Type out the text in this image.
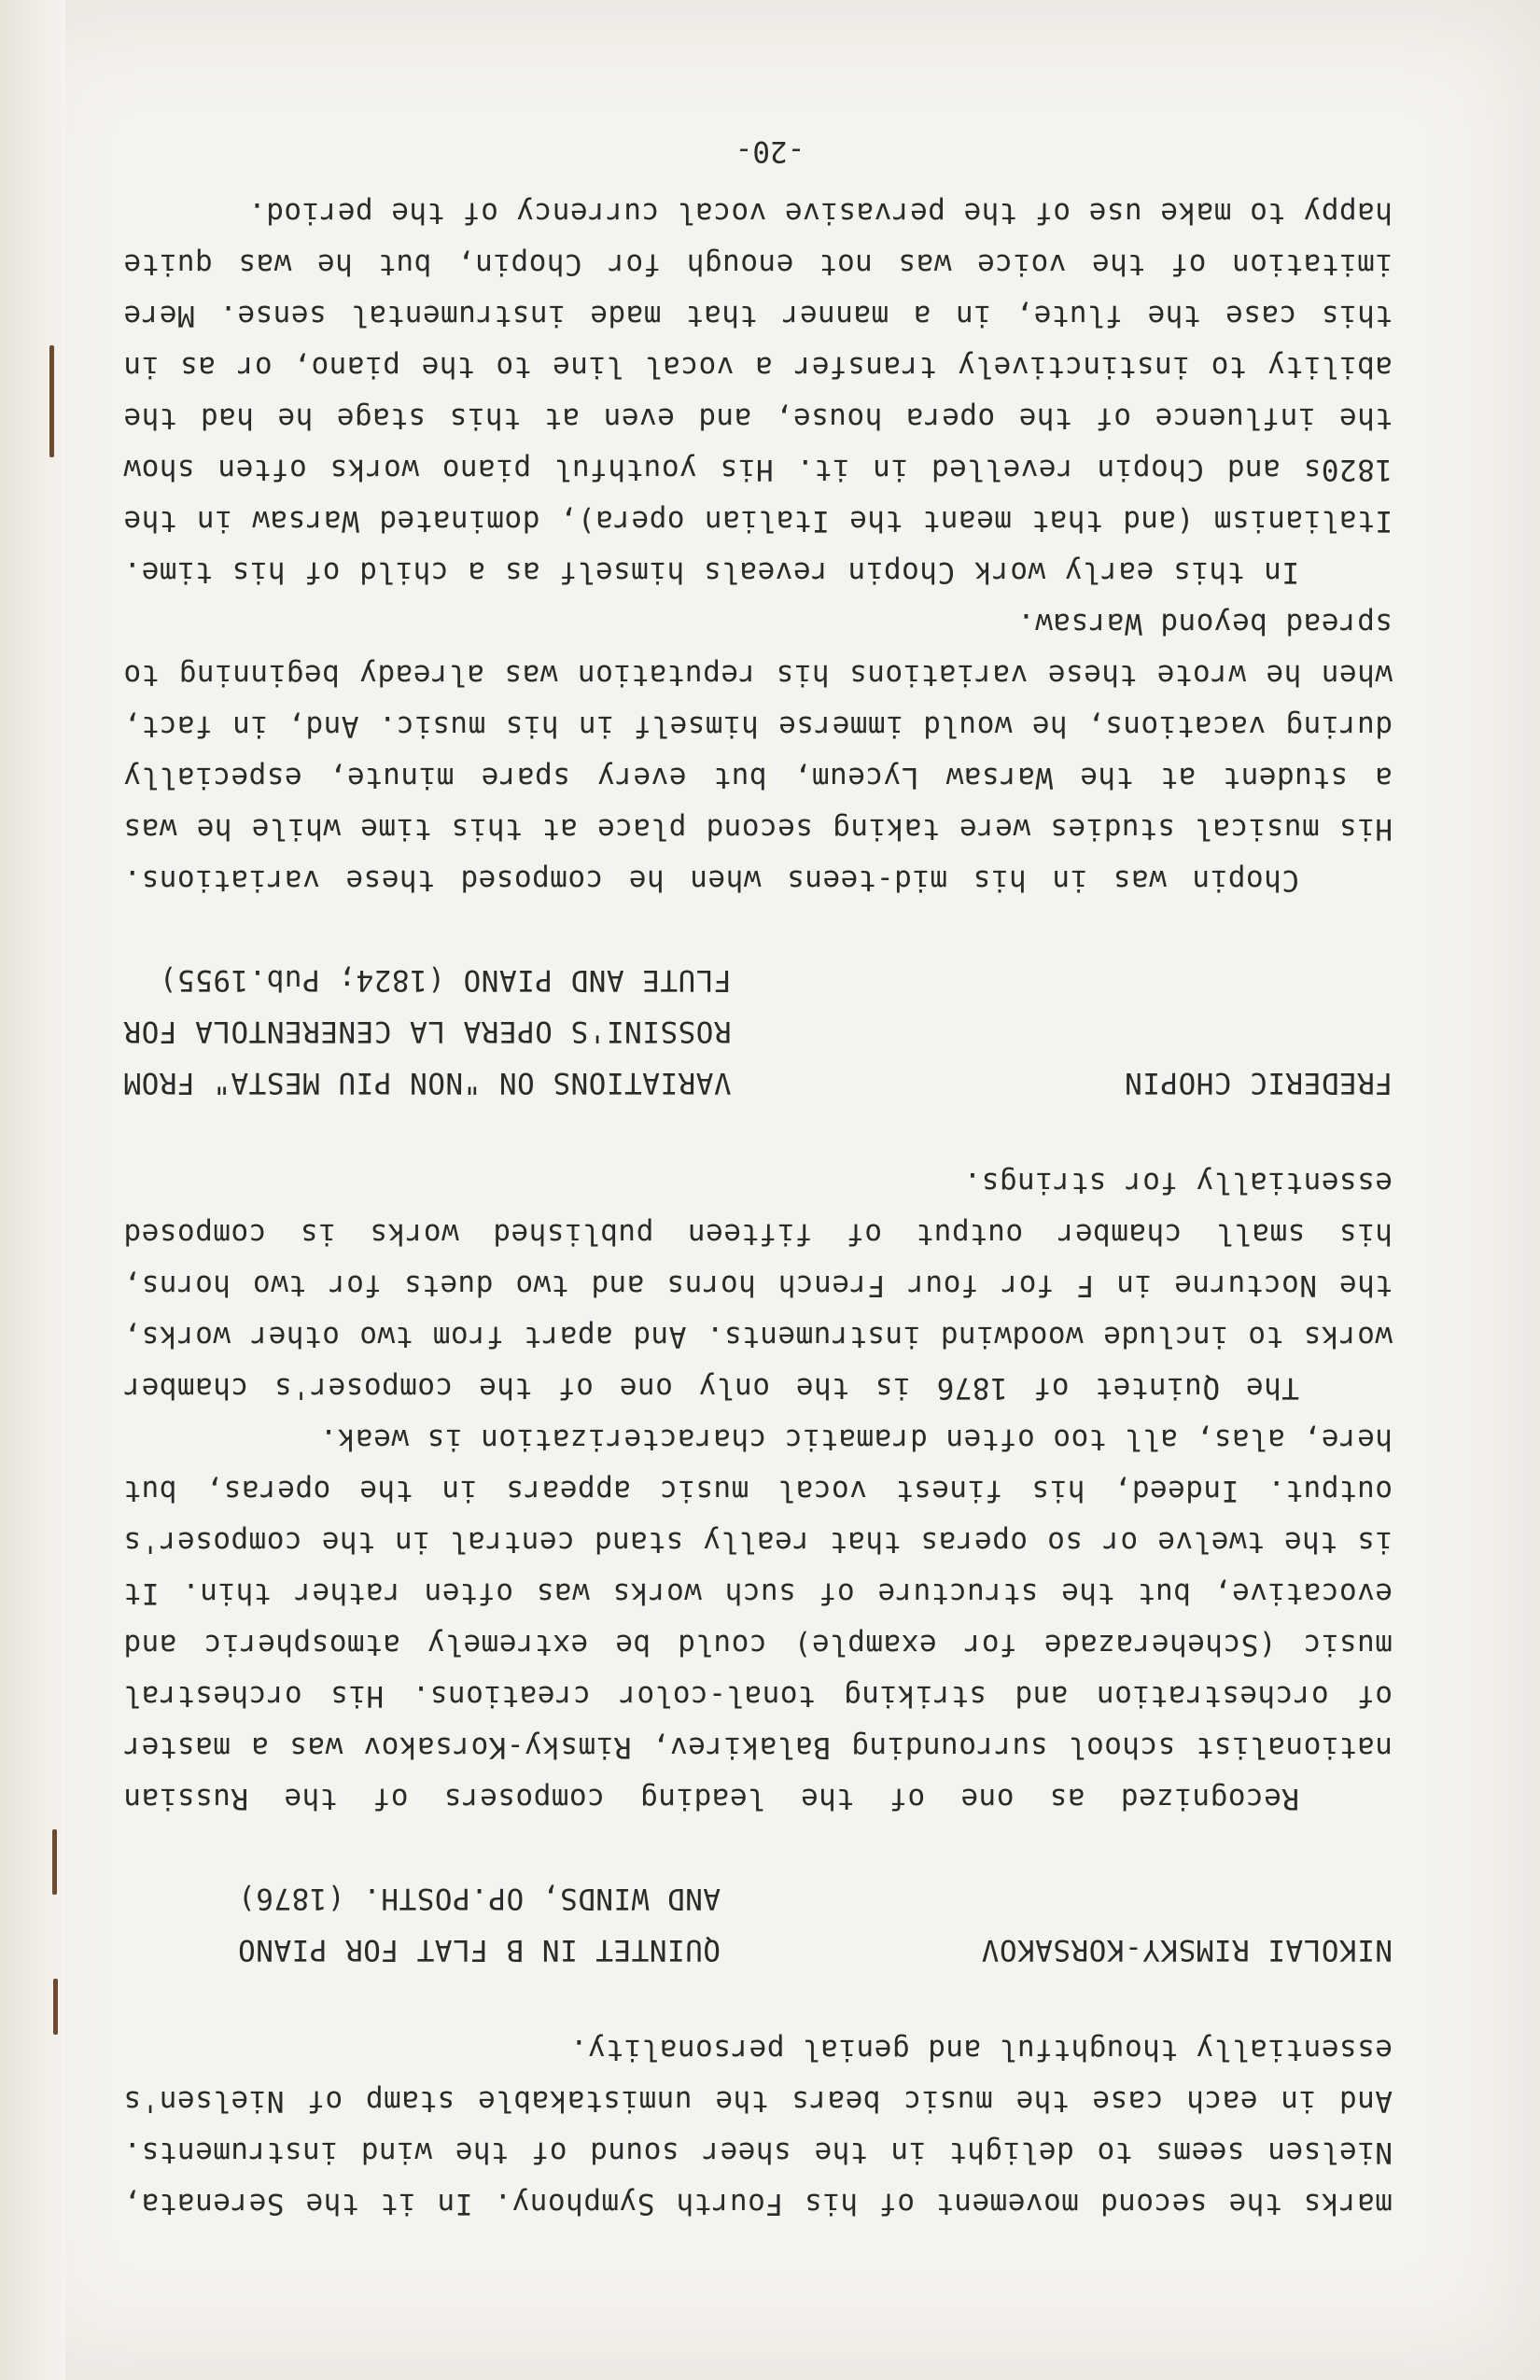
marks the second movement of his Fourth Symphony. In it the Serenata, Nielsen seems to delight in the sheer sound of the wind instruments. And in each case the music bears the unmistakable stamp of Nielsen's essentially thoughtful and genial personality.

NIKOLAI RIMSKY-KORSAKOV
QUINTET IN B FLAT FOR PIANO
AND WINDS, OP.POSTH. (1876)

Recognized as one of the leading composers of the Russian nationalist school surrounding Balakirev, Rimsky-Korsakov was a master of orchestration and striking tonal-color creations. His orchestral music (Scheherazade for example) could be extremely atmospheric and evocative, but the structure of such works was often rather thin. It is the twelve or so operas that really stand central in the composer's output. Indeed, his finest vocal music appears in the operas, but here, alas, all too often dramatic characterization is weak.

The Quintet of 1876 is the only one of the composer's chamber works to include woodwind instruments. And apart from two other works, the Nocturne in F for four French horns and two duets for two horns, his small chamber output of fifteen published works is composed essentially for strings.

FREDERIC CHOPIN
VARIATIONS ON "NON PIU MESTA" FROM
ROSSINI'S OPERA LA CENERENTOLA FOR
FLUTE AND PIANO (1824; Pub.1955)

Chopin was in his mid-teens when he composed these variations. His musical studies were taking second place at this time while he was a student at the Warsaw Lyceum, but every spare minute, especially during vacations, he would immerse himself in his music. And, in fact, when he wrote these variations his reputation was already beginning to spread beyond Warsaw.

In this early work Chopin reveals himself as a child of his time. Italianism (and that meant the Italian opera), dominated Warsaw in the 1820s and Chopin revelled in it. His youthful piano works often show the influence of the opera house, and even at this stage he had the ability to instinctively transfer a vocal line to the piano, or as in this case the flute, in a manner that made instrumental sense. Mere imitation of the voice was not enough for Chopin, but he was quite happy to make use of the pervasive vocal currency of the period.

-20-
